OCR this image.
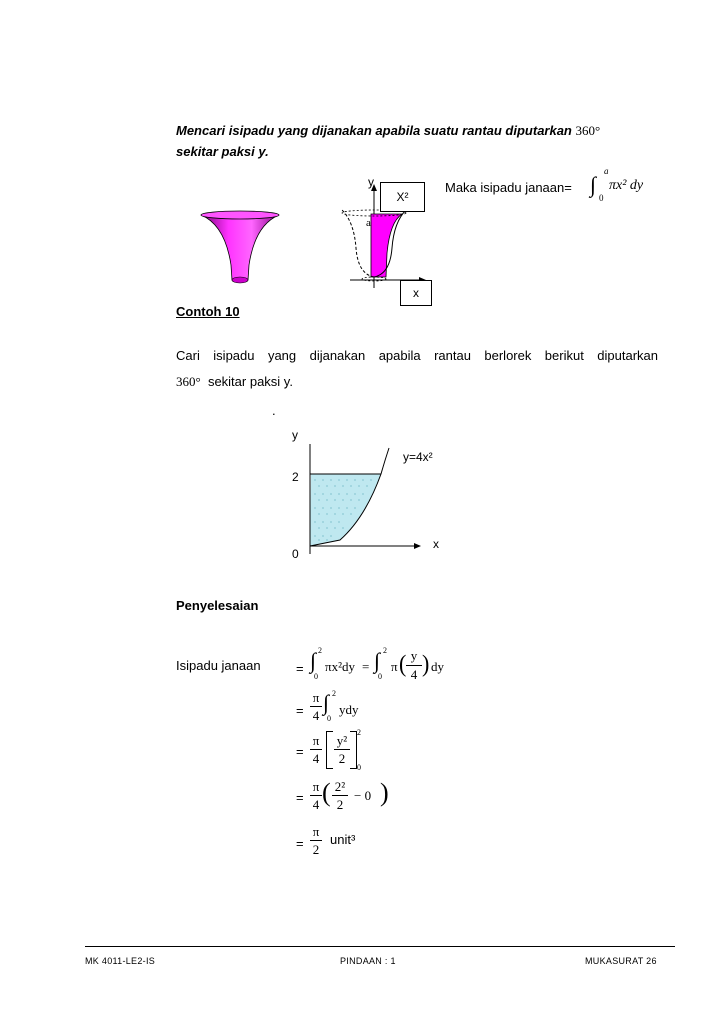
Mencari isipadu yang dijanakan apabila suatu rantau diputarkan 360°
sekitar paksi y.
a
y
X²
x
Maka isipadu janaan= ∫
a
0
πx² dy
Contoh 10
Cari isipadu yang dijanakan apabila rantau berlorek berikut diputarkan
360° sekitar paksi y.
.
y
x
y=4x²
2
0
Penyelesaian
Isipadu janaan	= ∫ 2
0
πx²dy = ∫ 2
0
π ( y
4 ) dy
=
π
4
∫ 2
0
ydy
=
π
4
y²
2
2
0
=
π
4 ( 2²
2
− 0 )
=
π
2
unit³
MK 4011-LE2-IS	PINDAAN : 1	MUKASURAT 26
